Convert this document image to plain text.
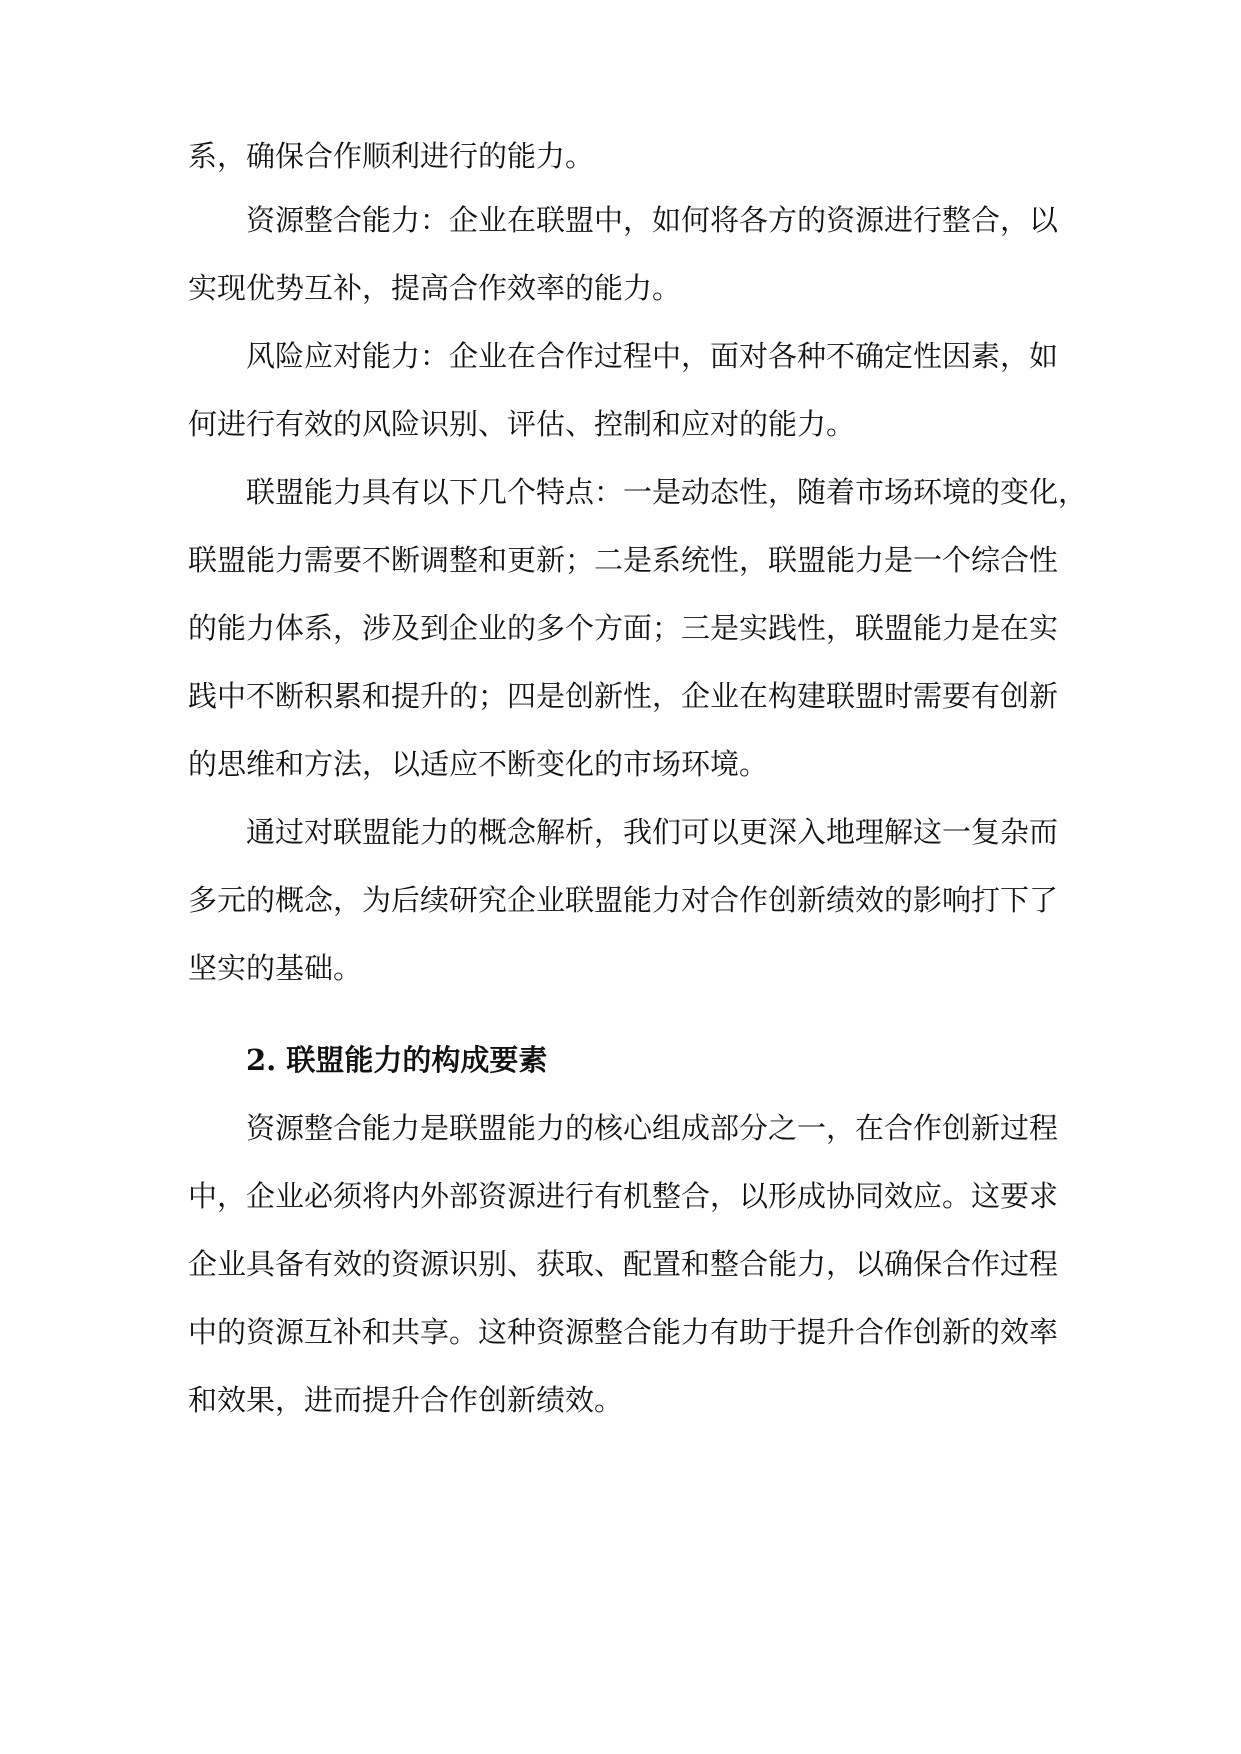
系，确保合作顺利进行的能力。
资源整合能力：企业在联盟中，如何将各方的资源进行整合，以
实现优势互补，提高合作效率的能力。
风险应对能力：企业在合作过程中，面对各种不确定性因素，如
何进行有效的风险识别、评估、控制和应对的能力。
联盟能力具有以下几个特点：一是动态性，随着市场环境的变化，
联盟能力需要不断调整和更新；二是系统性，联盟能力是一个综合性
的能力体系，涉及到企业的多个方面；三是实践性，联盟能力是在实
践中不断积累和提升的；四是创新性，企业在构建联盟时需要有创新
的思维和方法，以适应不断变化的市场环境。
通过对联盟能力的概念解析，我们可以更深入地理解这一复杂而
多元的概念，为后续研究企业联盟能力对合作创新绩效的影响打下了
坚实的基础。
2. 联盟能力的构成要素
资源整合能力是联盟能力的核心组成部分之一，在合作创新过程
中，企业必须将内外部资源进行有机整合，以形成协同效应。这要求
企业具备有效的资源识别、获取、配置和整合能力，以确保合作过程
中的资源互补和共享。这种资源整合能力有助于提升合作创新的效率
和效果，进而提升合作创新绩效。
